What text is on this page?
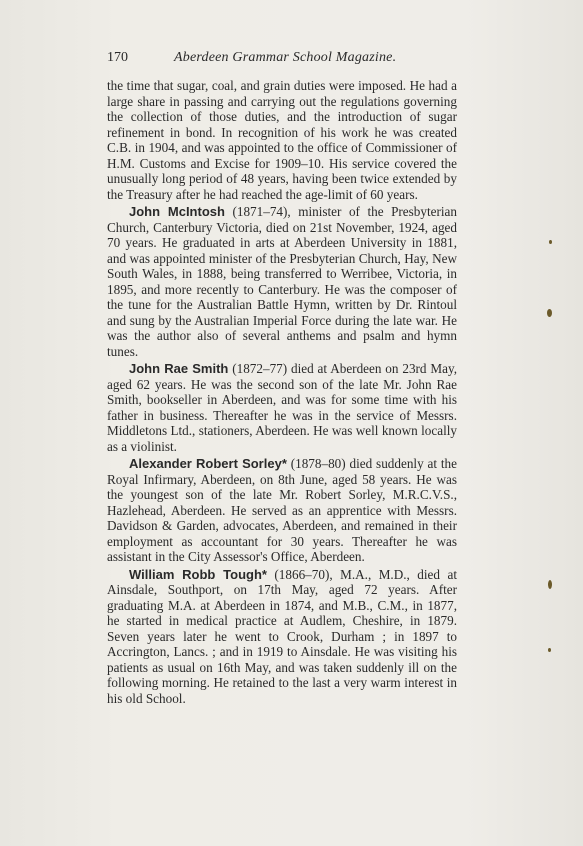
170	Aberdeen Grammar School Magazine.

the time that sugar, coal, and grain duties were imposed. He had a large share in passing and carrying out the regulations governing the collection of those duties, and the introduction of sugar refinement in bond. In recognition of his work he was created C.B. in 1904, and was appointed to the office of Commissioner of H.M. Customs and Excise for 1909–10. His service covered the unusually long period of 48 years, having been twice extended by the Treasury after he had reached the age-limit of 60 years.

John McIntosh (1871–74), minister of the Presbyterian Church, Canterbury Victoria, died on 21st November, 1924, aged 70 years. He graduated in arts at Aberdeen University in 1881, and was appointed minister of the Presbyterian Church, Hay, New South Wales, in 1888, being transferred to Werribee, Victoria, in 1895, and more recently to Canterbury. He was the composer of the tune for the Australian Battle Hymn, written by Dr. Rintoul and sung by the Australian Imperial Force during the late war. He was the author also of several anthems and psalm and hymn tunes.

John Rae Smith (1872–77) died at Aberdeen on 23rd May, aged 62 years. He was the second son of the late Mr. John Rae Smith, bookseller in Aberdeen, and was for some time with his father in business. Thereafter he was in the service of Messrs. Middletons Ltd., stationers, Aberdeen. He was well known locally as a violinist.

Alexander Robert Sorley* (1878–80) died suddenly at the Royal Infirmary, Aberdeen, on 8th June, aged 58 years. He was the youngest son of the late Mr. Robert Sorley, M.R.C.V.S., Hazlehead, Aberdeen. He served as an apprentice with Messrs. Davidson & Garden, advocates, Aberdeen, and remained in their employment as accountant for 30 years. Thereafter he was assistant in the City Assessor's Office, Aberdeen.

William Robb Tough* (1866–70), M.A., M.D., died at Ainsdale, Southport, on 17th May, aged 72 years. After graduating M.A. at Aberdeen in 1874, and M.B., C.M., in 1877, he started in medical practice at Audlem, Cheshire, in 1879. Seven years later he went to Crook, Durham ; in 1897 to Accrington, Lancs. ; and in 1919 to Ainsdale. He was visiting his patients as usual on 16th May, and was taken suddenly ill on the following morning. He retained to the last a very warm interest in his old School.
